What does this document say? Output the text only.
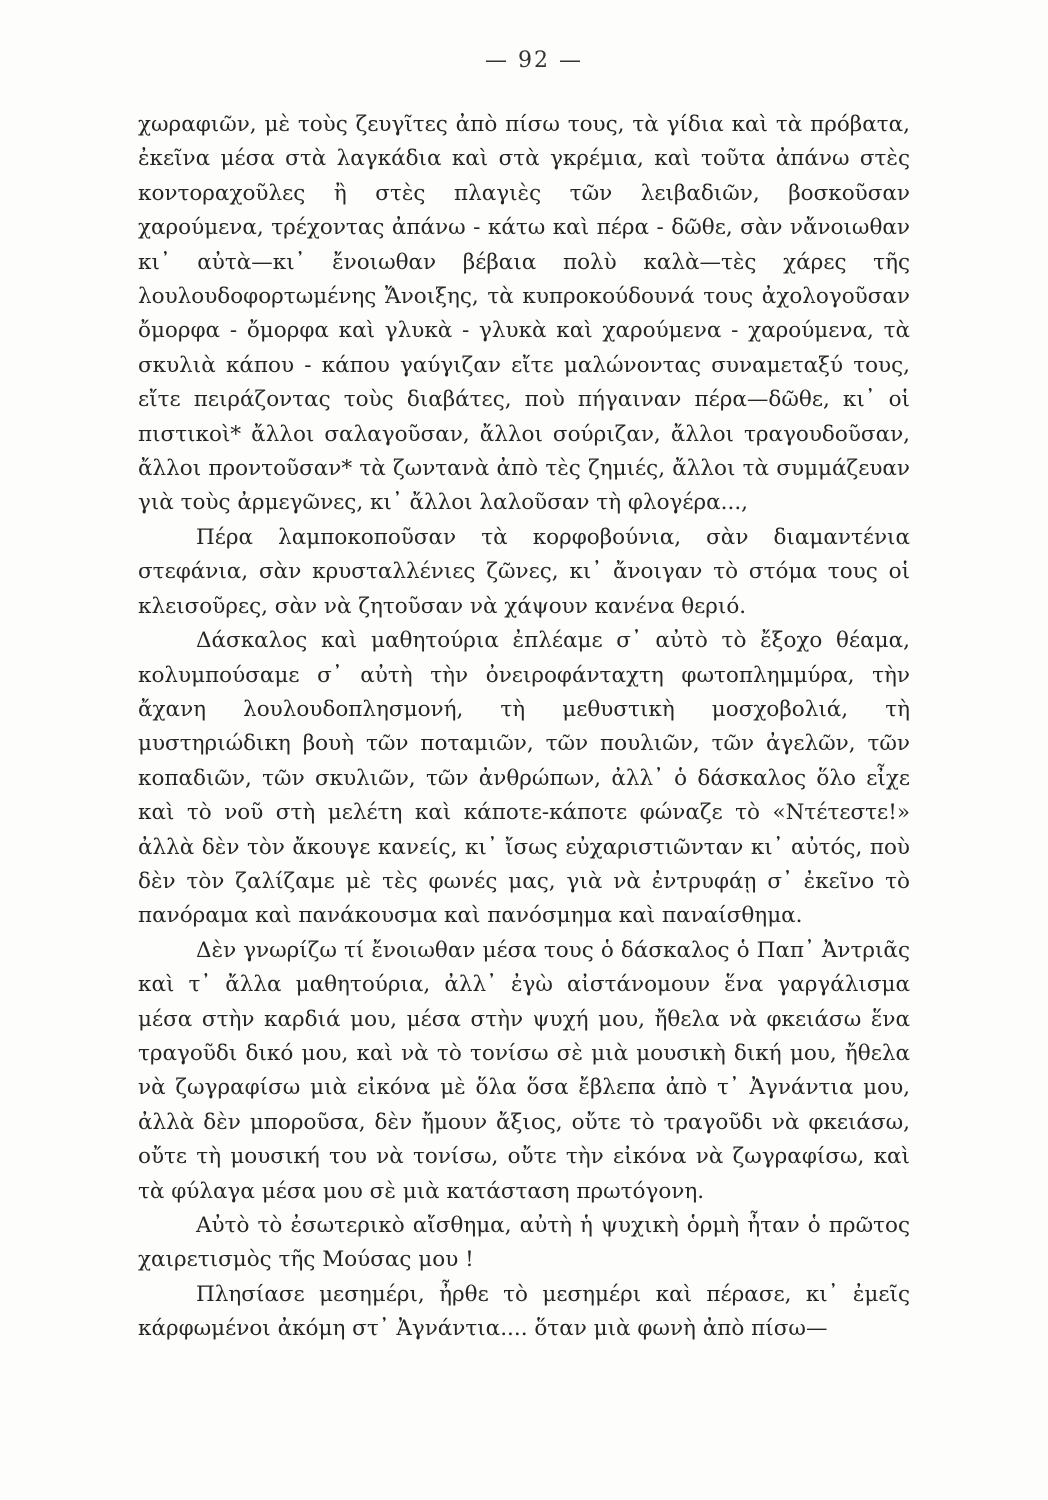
— 92 —

χωραφιῶν, μὲ τοὺς ζευγῖτες ἀπὸ πίσω τους, τὰ γίδια καὶ τὰ πρόβατα, ἐκεῖνα μέσα στὰ λαγκάδια καὶ στὰ γκρέμια, καὶ τοῦτα ἀπάνω στὲς κοντοραχοῦλες ἢ στὲς πλαγιὲς τῶν λειβαδιῶν, βοσκοῦσαν χαρούμενα, τρέχοντας ἀπάνω - κάτω καὶ πέρα - δῶθε, σὰν νἄνοιωθαν κι᾽ αὐτὰ—κι᾽ ἔνοιωθαν βέβαια πολὺ καλὰ—τὲς χάρες τῆς λουλουδοφορτωμένης Ἄνοιξης, τὰ κυπροκούδουνά τους ἀχολογοῦσαν ὄμορφα - ὄμορφα καὶ γλυκὰ - γλυκὰ καὶ χαρούμενα - χαρούμενα, τὰ σκυλιὰ κάπου - κάπου γαύγιζαν εἴτε μαλώνοντας συναμεταξύ τους, εἴτε πειράζοντας τοὺς διαβάτες, ποὺ πήγαιναν πέρα—δῶθε, κι᾽ οἱ πιστικοὶ* ἄλλοι σαλαγοῦσαν, ἄλλοι σούριζαν, ἄλλοι τραγουδοῦσαν, ἄλλοι προντοῦσαν* τὰ ζωντανὰ ἀπὸ τὲς ζημιές, ἄλλοι τὰ συμμάζευαν γιὰ τοὺς ἀρμεγῶνες, κι᾽ ἄλλοι λαλοῦσαν τὴ φλογέρα...,

Πέρα λαμποκοποῦσαν τὰ κορφοβούνια, σὰν διαμαντένια στεφάνια, σὰν κρυσταλλένιες ζῶνες, κι᾽ ἄνοιγαν τὸ στόμα τους οἱ κλεισοῦρες, σὰν νὰ ζητοῦσαν νὰ χάψουν κανένα θεριό.

Δάσκαλος καὶ μαθητούρια ἐπλέαμε σ᾽ αὐτὸ τὸ ἔξοχο θέαμα, κολυμπούσαμε σ᾽ αὐτὴ τὴν ὀνειροφάνταχτη φωτοπλημμύρα, τὴν ἄχανη λουλουδοπλησμονή, τὴ μεθυστικὴ μοσχοβολιά, τὴ μυστηριώδικη βουὴ τῶν ποταμιῶν, τῶν πουλιῶν, τῶν ἀγελῶν, τῶν κοπαδιῶν, τῶν σκυλιῶν, τῶν ἀνθρώπων, ἀλλ᾽ ὁ δάσκαλος ὅλο εἶχε καὶ τὸ νοῦ στὴ μελέτη καὶ κάποτε-κάποτε φώναζε τὸ «Ντέτεστε!» ἀλλὰ δὲν τὸν ἄκουγε κανείς, κι᾽ ἴσως εὐχαριστιῶνταν κι᾽ αὐτός, ποὺ δὲν τὸν ζαλίζαμε μὲ τὲς φωνές μας, γιὰ νὰ ἐντρυφάῃ σ᾽ ἐκεῖνο τὸ πανόραμα καὶ πανάκουσμα καὶ πανόσμημα καὶ παναίσθημα.

Δὲν γνωρίζω τί ἔνοιωθαν μέσα τους ὁ δάσκαλος ὁ Παπ᾽ Ἀντριᾶς καὶ τ᾽ ἄλλα μαθητούρια, ἀλλ᾽ ἐγὼ αἰστάνομουν ἕνα γαργάλισμα μέσα στὴν καρδιά μου, μέσα στὴν ψυχή μου, ἤθελα νὰ φκειάσω ἕνα τραγοῦδι δικό μου, καὶ νὰ τὸ τονίσω σὲ μιὰ μουσικὴ δική μου, ἤθελα νὰ ζωγραφίσω μιὰ εἰκόνα μὲ ὅλα ὅσα ἔβλεπα ἀπὸ τ᾽ Ἀγνάντια μου, ἀλλὰ δὲν μποροῦσα, δὲν ἤμουν ἄξιος, οὔτε τὸ τραγοῦδι νὰ φκειάσω, οὔτε τὴ μουσική του νὰ τονίσω, οὔτε τὴν εἰκόνα νὰ ζωγραφίσω, καὶ τὰ φύλαγα μέσα μου σὲ μιὰ κατάσταση πρωτόγονη.

Αὐτὸ τὸ ἐσωτερικὸ αἴσθημα, αὐτὴ ἡ ψυχικὴ ὁρμὴ ἦταν ὁ πρῶτος χαιρετισμὸς τῆς Μούσας μου !

Πλησίασε μεσημέρι, ἦρθε τὸ μεσημέρι καὶ πέρασε, κι᾽ ἐμεῖς κάρφωμένοι ἀκόμη στ᾽ Ἀγνάντια.... ὅταν μιὰ φωνὴ ἀπὸ πίσω—
